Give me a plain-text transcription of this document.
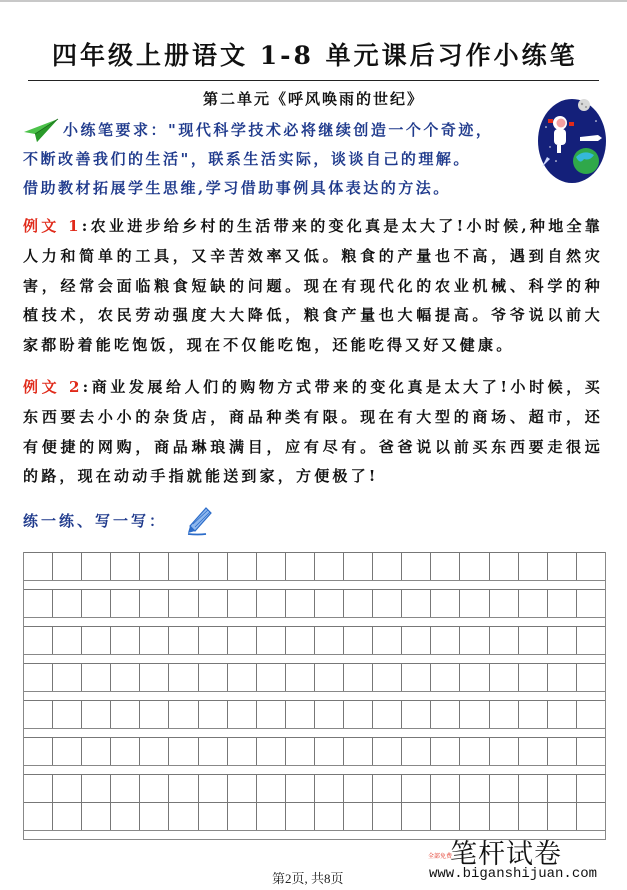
四年级上册语文 1-8 单元课后习作小练笔
第二单元《呼风唤雨的世纪》
小练笔要求："现代科学技术必将继续创造一个个奇迹，
不断改善我们的生活"，联系生活实际，谈谈自己的理解。
借助教材拓展学生思维,学习借助事例具体表达的方法。
例文 1:农业进步给乡村的生活带来的变化真是太大了!小时候,种地全靠人力和简单的工具，又辛苦效率又低。粮食的产量也不高，遇到自然灾害，经常会面临粮食短缺的问题。现在有现代化的农业机械、科学的种植技术，农民劳动强度大大降低，粮食产量也大幅提高。爷爷说以前大家都盼着能吃饱饭，现在不仅能吃饱，还能吃得又好又健康。
例文 2:商业发展给人们的购物方式带来的变化真是太大了!小时候，买东西要去小小的杂货店，商品种类有限。现在有大型的商场、超市，还有便捷的网购，商品琳琅满目，应有尽有。爸爸说以前买东西要走很远的路，现在动动手指就能送到家，方便极了!
练一练、写一写：
第2页, 共8页
全部免费
笔杆试卷
www.biganshijuan.com
